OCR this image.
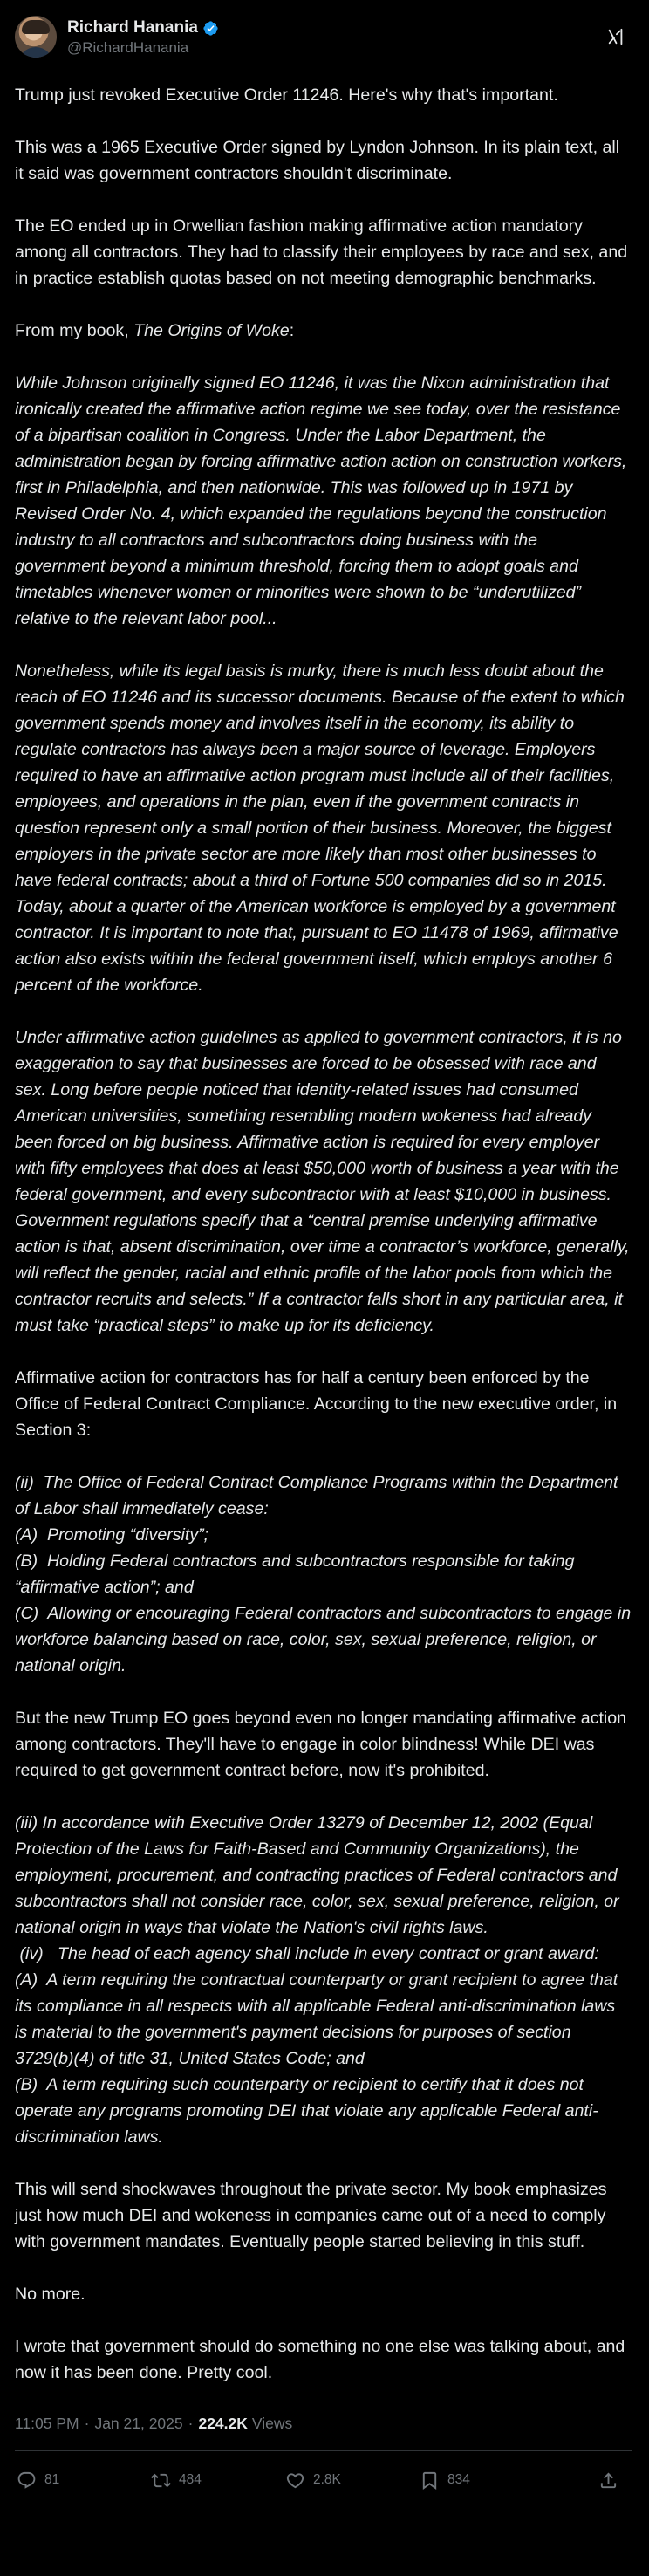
Richard Hanania
@RichardHanania

Trump just revoked Executive Order 11246. Here's why that's important.

This was a 1965 Executive Order signed by Lyndon Johnson. In its plain text, all it said was government contractors shouldn't discriminate.

The EO ended up in Orwellian fashion making affirmative action mandatory among all contractors. They had to classify their employees by race and sex, and in practice establish quotas based on not meeting demographic benchmarks.

From my book, The Origins of Woke:

While Johnson originally signed EO 11246, it was the Nixon administration that ironically created the affirmative action regime we see today, over the resistance of a bipartisan coalition in Congress. Under the Labor Department, the administration began by forcing affirmative action action on construction workers, first in Philadelphia, and then nationwide. This was followed up in 1971 by Revised Order No. 4, which expanded the regulations beyond the construction industry to all contractors and subcontractors doing business with the government beyond a minimum threshold, forcing them to adopt goals and timetables whenever women or minorities were shown to be “underutilized” relative to the relevant labor pool...

Nonetheless, while its legal basis is murky, there is much less doubt about the reach of EO 11246 and its successor documents. Because of the extent to which government spends money and involves itself in the economy, its ability to regulate contractors has always been a major source of leverage. Employers required to have an affirmative action program must include all of their facilities, employees, and operations in the plan, even if the government contracts in question represent only a small portion of their business. Moreover, the biggest employers in the private sector are more likely than most other businesses to have federal contracts; about a third of Fortune 500 companies did so in 2015. Today, about a quarter of the American workforce is employed by a government contractor. It is important to note that, pursuant to EO 11478 of 1969, affirmative action also exists within the federal government itself, which employs another 6 percent of the workforce.

Under affirmative action guidelines as applied to government contractors, it is no exaggeration to say that businesses are forced to be obsessed with race and sex. Long before people noticed that identity-related issues had consumed American universities, something resembling modern wokeness had already been forced on big business. Affirmative action is required for every employer with fifty employees that does at least $50,000 worth of business a year with the federal government, and every subcontractor with at least $10,000 in business. Government regulations specify that a “central premise underlying affirmative action is that, absent discrimination, over time a contractor’s workforce, generally, will reflect the gender, racial and ethnic profile of the labor pools from which the contractor recruits and selects.” If a contractor falls short in any particular area, it must take “practical steps” to make up for its deficiency.

Affirmative action for contractors has for half a century been enforced by the Office of Federal Contract Compliance. According to the new executive order, in Section 3:

(ii)  The Office of Federal Contract Compliance Programs within the Department of Labor shall immediately cease:
(A)  Promoting “diversity”;
(B)  Holding Federal contractors and subcontractors responsible for taking “affirmative action”; and
(C)  Allowing or encouraging Federal contractors and subcontractors to engage in workforce balancing based on race, color, sex, sexual preference, religion, or national origin.

But the new Trump EO goes beyond even no longer mandating affirmative action among contractors. They'll have to engage in color blindness! While DEI was required to get government contract before, now it's prohibited.

(iii) In accordance with Executive Order 13279 of December 12, 2002 (Equal Protection of the Laws for Faith-Based and Community Organizations), the employment, procurement, and contracting practices of Federal contractors and subcontractors shall not consider race, color, sex, sexual preference, religion, or national origin in ways that violate the Nation's civil rights laws.
(iv)   The head of each agency shall include in every contract or grant award:
(A)  A term requiring the contractual counterparty or grant recipient to agree that its compliance in all respects with all applicable Federal anti-discrimination laws is material to the government's payment decisions for purposes of section 3729(b)(4) of title 31, United States Code; and
(B)  A term requiring such counterparty or recipient to certify that it does not operate any programs promoting DEI that violate any applicable Federal anti-discrimination laws.

This will send shockwaves throughout the private sector. My book emphasizes just how much DEI and wokeness in companies came out of a need to comply with government mandates. Eventually people started believing in this stuff.

No more.

I wrote that government should do something no one else was talking about, and now it has been done. Pretty cool.

11:05 PM · Jan 21, 2025 · 224.2K Views
81	484	2.8K	834
